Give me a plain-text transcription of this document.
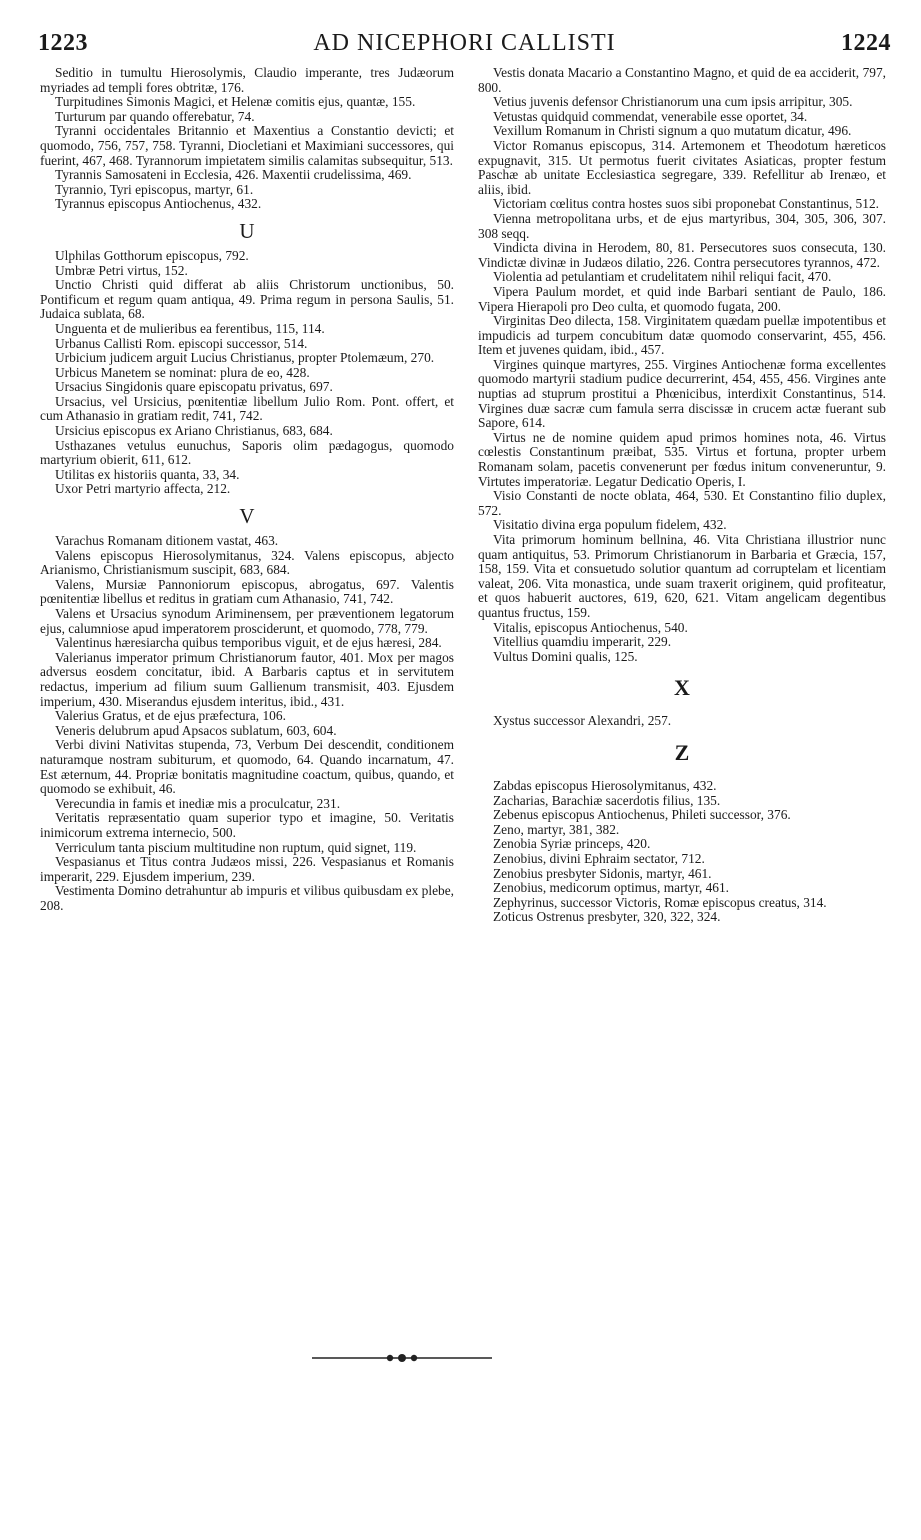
1223	AD NICEPHORI CALLISTI	1224

Seditio in tumultu Hierosolymis, Claudio imperante, tres Judæorum myriades ad templi fores obtritæ, 176.

Turpitudines Simonis Magici, et Helenæ comitis ejus, quantæ, 155.

Turturum par quando offerebatur, 74.

Tyranni occidentales Britannio et Maxentius a Constantio devicti; et quomodo, 756, 757, 758. Tyranni, Diocletiani et Maximiani successores, qui fuerint, 467, 468. Tyrannorum impietatem similis calamitas subsequitur, 513.

Tyrannis Samosateni in Ecclesia, 426. Maxentii crudelissima, 469.

Tyrannio, Tyri episcopus, martyr, 61.

Tyrannus episcopus Antiochenus, 432.

U

Ulphilas Gotthorum episcopus, 792.

Umbræ Petri virtus, 152.

Unctio Christi quid differat ab aliis Christorum unctionibus, 50. Pontificum et regum quam antiqua, 49. Prima regum in persona Saulis, 51. Judaica sublata, 68.

Unguenta et de mulieribus ea ferentibus, 115, 114.

Urbanus Callisti Rom. episcopi successor, 514.

Urbicium judicem arguit Lucius Christianus, propter Ptolemæum, 270.

Urbicus Manetem se nominat: plura de eo, 428.

Ursacius Singidonis quare episcopatu privatus, 697.

Ursacius, vel Ursicius, pœnitentiæ libellum Julio Rom. Pont. offert, et cum Athanasio in gratiam redit, 741, 742.

Ursicius episcopus ex Ariano Christianus, 683, 684.

Usthazanes vetulus eunuchus, Saporis olim pædagogus, quomodo martyrium obierit, 611, 612.

Utilitas ex historiis quanta, 33, 34.

Uxor Petri martyrio affecta, 212.

V

Varachus Romanam ditionem vastat, 463.

Valens episcopus Hierosolymitanus, 324. Valens episcopus, abjecto Arianismo, Christianismum suscipit, 683, 684.

Valens, Mursiæ Pannoniorum episcopus, abrogatus, 697. Valentis pœnitentiæ libellus et reditus in gratiam cum Athanasio, 741, 742.

Valens et Ursacius synodum Ariminensem, per præventionem legatorum ejus, calumniose apud imperatorem prosciderunt, et quomodo, 778, 779.

Valentinus hæresiarcha quibus temporibus viguit, et de ejus hæresi, 284.

Valerianus imperator primum Christianorum fautor, 401. Mox per magos adversus eosdem concitatur, ibid. A Barbaris captus et in servitutem redactus, imperium ad filium suum Gallienum transmisit, 403. Ejusdem imperium, 430. Miserandus ejusdem interitus, ibid., 431.

Valerius Gratus, et de ejus præfectura, 106.

Veneris delubrum apud Apsacos sublatum, 603, 604.

Verbi divini Nativitas stupenda, 73, Verbum Dei descendit, conditionem naturamque nostram subiturum, et quomodo, 64. Quando incarnatum, 47. Est æternum, 44. Propriæ bonitatis magnitudine coactum, quibus, quando, et quomodo se exhibuit, 46.

Verecundia in famis et inediæ mis a proculcatur, 231.

Veritatis repræsentatio quam superior typo et imagine, 50. Veritatis inimicorum extrema internecio, 500.

Verriculum tanta piscium multitudine non ruptum, quid signet, 119.

Vespasianus et Titus contra Judæos missi, 226. Vespasianus et Romanis imperarit, 229. Ejusdem imperium, 239.

Vestimenta Domino detrahuntur ab impuris et vilibus quibusdam ex plebe, 208.

Vestis donata Macario a Constantino Magno, et quid de ea acciderit, 797, 800.

Vetius juvenis defensor Christianorum una cum ipsis arripitur, 305.

Vetustas quidquid commendat, venerabile esse oportet, 34.

Vexillum Romanum in Christi signum a quo mutatum dicatur, 496.

Victor Romanus episcopus, 314. Artemonem et Theodotum hæreticos expugnavit, 315. Ut permotus fuerit civitates Asiaticas, propter festum Paschæ ab unitate Ecclesiastica segregare, 339. Refellitur ab Irenæo, et aliis, ibid.

Victoriam cœlitus contra hostes suos sibi proponebat Constantinus, 512.

Vienna metropolitana urbs, et de ejus martyribus, 304, 305, 306, 307. 308 seqq.

Vindicta divina in Herodem, 80, 81. Persecutores suos consecuta, 130. Vindictæ divinæ in Judæos dilatio, 226. Contra persecutores tyrannos, 472.

Violentia ad petulantiam et crudelitatem nihil reliqui facit, 470.

Vipera Paulum mordet, et quid inde Barbari sentiant de Paulo, 186. Vipera Hierapoli pro Deo culta, et quomodo fugata, 200.

Virginitas Deo dilecta, 158. Virginitatem quædam puellæ impotentibus et impudicis ad turpem concubitum datæ quomodo conservarint, 455, 456. Item et juvenes quidam, ibid., 457.

Virgines quinque martyres, 255. Virgines Antiochenæ forma excellentes quomodo martyrii stadium pudice decurrerint, 454, 455, 456. Virgines ante nuptias ad stuprum prostitui a Phœnicibus, interdixit Constantinus, 514. Virgines duæ sacræ cum famula serra discissæ in crucem actæ fuerant sub Sapore, 614.

Virtus ne de nomine quidem apud primos homines nota, 46. Virtus cœlestis Constantinum præibat, 535. Virtus et fortuna, propter urbem Romanam solam, pacetis convenerunt per fœdus initum conveneruntur, 9. Virtutes imperatoriæ. Legatur Dedicatio Operis, I.

Visio Constanti de nocte oblata, 464, 530. Et Constantino filio duplex, 572.

Visitatio divina erga populum fidelem, 432.

Vita primorum hominum bellnina, 46. Vita Christiana illustrior nunc quam antiquitus, 53. Primorum Christianorum in Barbaria et Græcia, 157, 158, 159. Vita et consuetudo solutior quantum ad corruptelam et licentiam valeat, 206. Vita monastica, unde suam traxerit originem, quid profiteatur, et quos habuerit auctores, 619, 620, 621. Vitam angelicam degentibus quantus fructus, 159.

Vitalis, episcopus Antiochenus, 540.

Vitellius quamdiu imperarit, 229.

Vultus Domini qualis, 125.

X

Xystus successor Alexandri, 257.

Z

Zabdas episcopus Hierosolymitanus, 432.

Zacharias, Barachiæ sacerdotis filius, 135.

Zebenus episcopus Antiochenus, Phileti successor, 376.

Zeno, martyr, 381, 382.

Zenobia Syriæ princeps, 420.

Zenobius, divini Ephraim sectator, 712.

Zenobius presbyter Sidonis, martyr, 461.

Zenobius, medicorum optimus, martyr, 461.

Zephyrinus, successor Victoris, Romæ episcopus creatus, 314.

Zoticus Ostrenus presbyter, 320, 322, 324.
